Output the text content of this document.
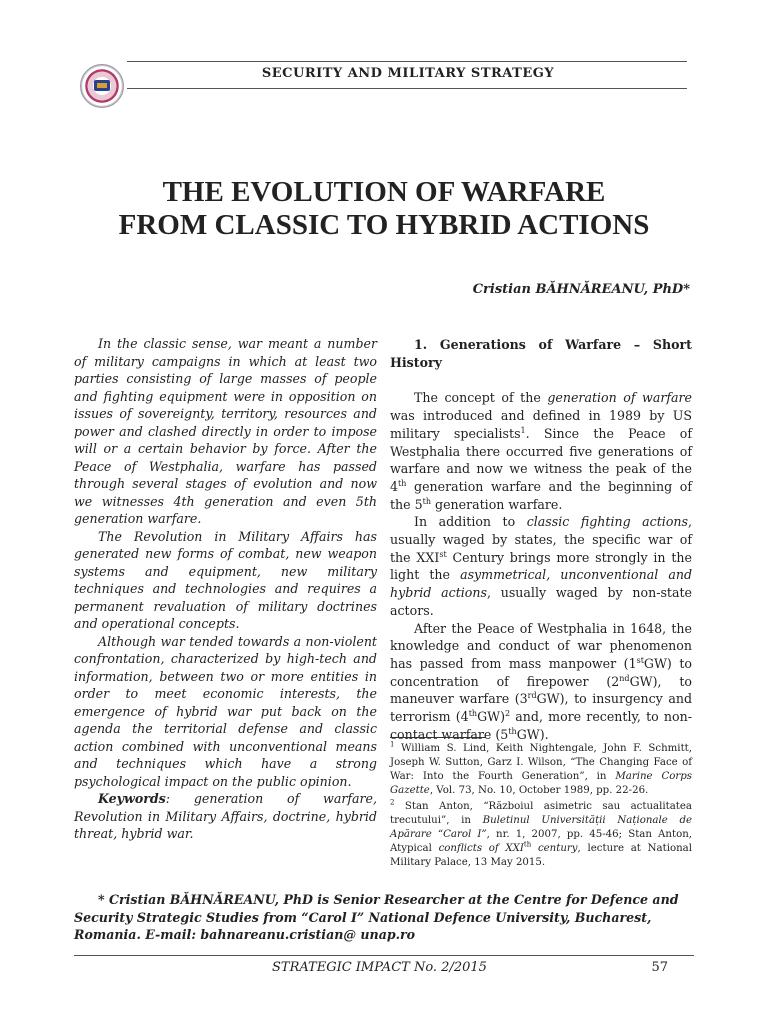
SECURITY AND MILITARY STRATEGY
THE EVOLUTION OF WARFARE
FROM CLASSIC TO HYBRID ACTIONS
Cristian BĂHNĂREANU, PhD*

In the classic sense, war meant a number of military campaigns in which at least two parties consisting of large masses of people and fighting equipment were in opposition on issues of sovereignty, territory, resources and power and clashed directly in order to impose will or a certain behavior by force. After the Peace of Westphalia, warfare has passed through several stages of evolution and now we witnesses 4th generation and even 5th generation warfare.

The Revolution in Military Affairs has generated new forms of combat, new weapon systems and equipment, new military techniques and technologies and requires a permanent revaluation of military doctrines and operational concepts.

Although war tended towards a non-violent confrontation, characterized by high-tech and information, between two or more entities in order to meet economic interests, the emergence of hybrid war put back on the agenda the territorial defense and classic action combined with unconventional means and techniques which have a strong psychological impact on the public opinion.

Keywords: generation of warfare, Revolution in Military Affairs, doctrine, hybrid threat, hybrid war.

1. Generations of Warfare – Short History

The concept of the generation of warfare was introduced and defined in 1989 by US military specialists$^1$. Since the Peace of Westphalia there occurred five generations of warfare and now we witness the peak of the 4th generation warfare and the beginning of the 5th generation warfare.

In addition to classic fighting actions, usually waged by states, the specific war of the XXIst Century brings more strongly in the light the asymmetrical, unconventional and hybrid actions, usually waged by non-state actors.

After the Peace of Westphalia in 1648, the knowledge and conduct of war phenomenon has passed from mass manpower (1stGW) to concentration of firepower (2ndGW), to maneuver warfare (3rdGW), to insurgency and terrorism $(4thGW)^2$ and, more recently, to non-contact warfare (5thGW).

$^1$ William S. Lind, Keith Nightengale, John F. Schmitt, Joseph W. Sutton, Garz I. Wilson, “The Changing Face of War: Into the Fourth Generation”, in Marine Corps Gazette, Vol. 73, No. 10, October 1989, pp. 22-26.

$^2$ Stan Anton, “Războiul asimetric sau actualitatea trecutului”, in Buletinul Universității Naționale de Apărare “Carol I”, nr. 1, 2007, pp. 45-46; Stan Anton, Atypical conflicts of XXIth century, lecture at National Military Palace, 13 May 2015.

* Cristian BĂHNĂREANU, PhD is Senior Researcher at the Centre for Defence and Security Strategic Studies from “Carol I” National Defence University, Bucharest, Romania. E-mail: bahnareanu.cristian@ unap.ro
STRATEGIC IMPACT No. 2/2015	57
